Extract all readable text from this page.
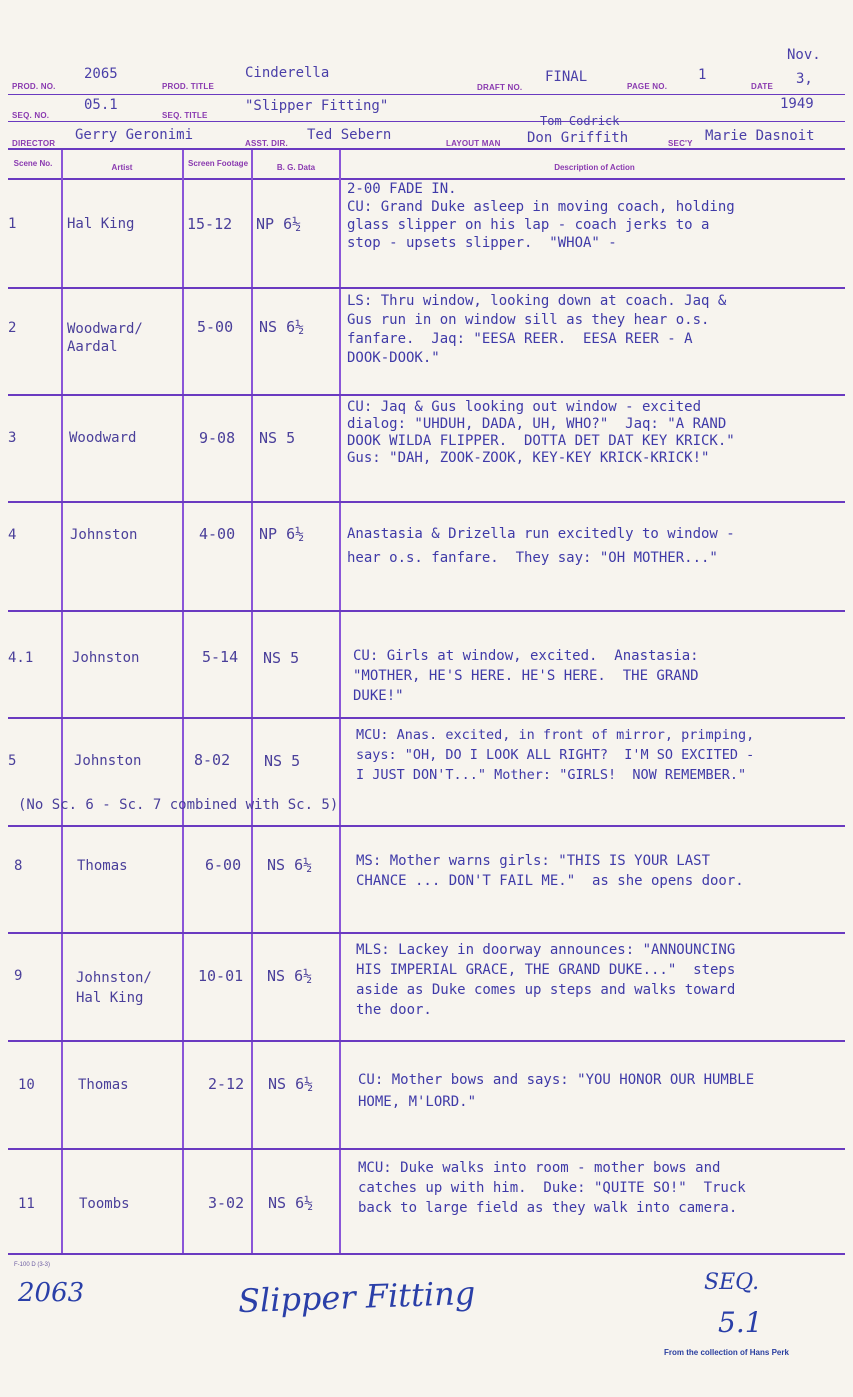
PROD. NO.
2065
PROD. TITLE
Cinderella
DRAFT NO.
FINAL
PAGE NO.
1
DATE
Nov.
3,
1949
SEQ. NO.
05.1
SEQ. TITLE
"Slipper Fitting"
DIRECTOR
Gerry Geronimi
ASST. DIR.
Ted Sebern
LAYOUT MAN
Tom Codrick
Don Griffith	SEC'Y Marie Dasnoit
Scene No.	Artist	Screen Footage	B. G. Data	Description of Action
1	Hal King	15-12 NP 6½
2-00 FADE IN.
CU: Grand Duke asleep in moving coach, holding
glass slipper on his lap - coach jerks to a
stop - upsets slipper.  "WHOA" -
2	Woodward/
Aardal
5-00 NS 6½
LS: Thru window, looking down at coach. Jaq &
Gus run in on window sill as they hear o.s.
fanfare.  Jaq: "EESA REER.  EESA REER - A
DOOK-DOOK."
3	Woodward	9-08 NS 5
CU: Jaq & Gus looking out window - excited
dialog: "UHDUH, DADA, UH, WHO?"  Jaq: "A RAND
DOOK WILDA FLIPPER.  DOTTA DET DAT KEY KRICK."
Gus: "DAH, ZOOK-ZOOK, KEY-KEY KRICK-KRICK!"
4	Johnston	4-00 NP 6½	Anastasia & Drizella run excitedly to window -
hear o.s. fanfare.  They say: "OH MOTHER..."
4.1	Johnston	5-14 NS 5	CU: Girls at window, excited.  Anastasia:
"MOTHER, HE'S HERE. HE'S HERE.  THE GRAND
DUKE!"
5	Johnston	8-02 NS 5
MCU: Anas. excited, in front of mirror, primping,
says: "OH, DO I LOOK ALL RIGHT?  I'M SO EXCITED -
I JUST DON'T..." Mother: "GIRLS!  NOW REMEMBER."
(No Sc. 6 - Sc. 7 combined with Sc. 5)
8	Thomas	6-00 NS 6½	MS: Mother warns girls: "THIS IS YOUR LAST
CHANCE ... DON'T FAIL ME."  as she opens door.
9	Johnston/
Hal King
10-01 NS 6½
MLS: Lackey in doorway announces: "ANNOUNCING
HIS IMPERIAL GRACE, THE GRAND DUKE..."  steps
aside as Duke comes up steps and walks toward
the door.
10	Thomas	2-12 NS 6½	CU: Mother bows and says: "YOU HONOR OUR HUMBLE
HOME, M'LORD."
11	Toombs	3-02 NS 6½
MCU: Duke walks into room - mother bows and
catches up with him.  Duke: "QUITE SO!"  Truck
back to large field as they walk into camera.
F-100 D (3-3)
2063	Slipper Fitting	SEQ.
5.1
From the collection of Hans Perk
